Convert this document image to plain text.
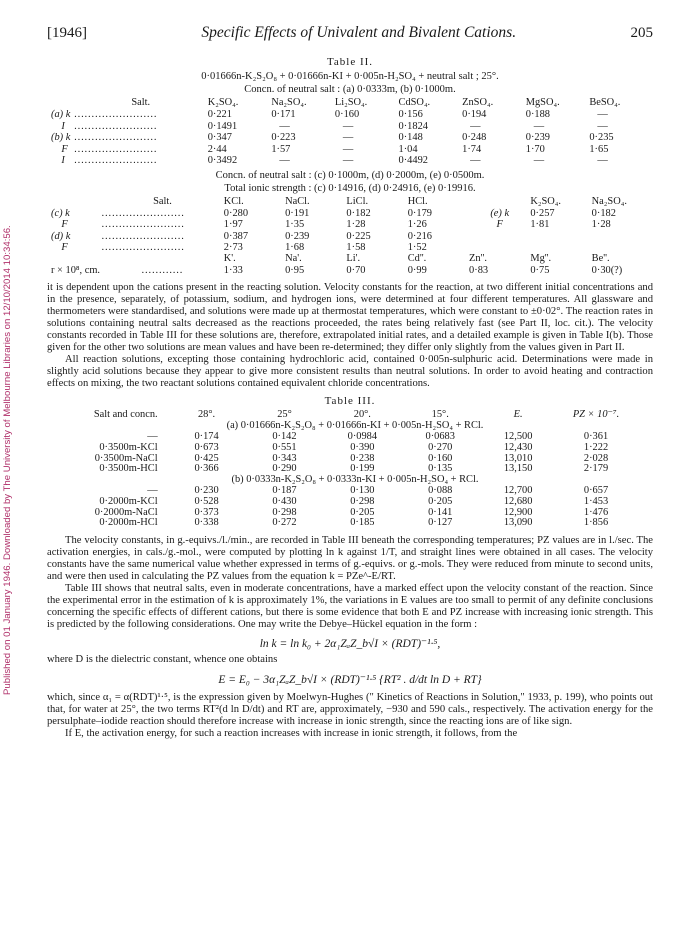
Published on 01 January 1946. Downloaded by The University of Melbourne Libraries on 12/10/2014 10:34:56.
[1946]	Specific Effects of Univalent and Bivalent Cations.	205
Table II.
0·01666n-K₂S₂O₈ + 0·01666n-KI + 0·005n-H₂SO₄ + neutral salt ; 25°.
Concn. of neutral salt : (a) 0·0333m, (b) 0·1000m.
	Salt.	K₂SO₄.	Na₂SO₄.	Li₂SO₄.	CdSO₄.	ZnSO₄.	MgSO₄.	BeSO₄.
(a) k	……………………	0·221	0·171	0·160	0·156	0·194	0·188	—
I	……………………	0·1491	—	—	0·1824	—	—	—
(b) k	……………………	0·347	0·223	—	0·148	0·248	0·239	0·235
F	……………………	2·44	1·57	—	1·04	1·74	1·70	1·65
I	……………………	0·3492	—	—	0·4492	—	—	—
Concn. of neutral salt : (c) 0·1000m, (d) 0·2000m, (e) 0·0500m.
Total ionic strength : (c) 0·14916, (d) 0·24916, (e) 0·19916.
	Salt.	KCl.	NaCl.	LiCl.	HCl.		K₂SO₄.	Na₂SO₄.
(c) k	……………………	0·280	0·191	0·182	0·179	(e) k	0·257	0·182
F	……………………	1·97	1·35	1·28	1·26	F	1·81	1·28
(d) k	……………………	0·387	0·239	0·225	0·216			
F	……………………	2·73	1·68	1·58	1·52			
		K'.	Na'.	Li'.	Cd''.	Zn''.	Mg''.	Be''.
r × 10⁸, cm.	…………	1·33	0·95	0·70	0·99	0·83	0·75	0·30(?)

it is dependent upon the cations present in the reacting solution. Velocity constants for the reaction, at two different initial concentrations and in the presence, separately, of potassium, sodium, and hydrogen ions, were determined at four different temperatures. All glassware and thermometers were standardised, and solutions were made up at thermostat temperatures, which were constant to ±0·02°. The reaction rates in solutions containing neutral salts decreased as the reactions proceeded, the rates being relatively fast (see Part II, loc. cit.). The velocity constants recorded in Table III for these solutions are, therefore, extrapolated initial rates, and a detailed example is given in Table I(b). Those given for the other two solutions are mean values and have been re-determined; they differ only slightly from the values given in Part II.

All reaction solutions, excepting those containing hydrochloric acid, contained 0·005n-sulphuric acid. Determinations were made in slightly acid solutions because they appear to give more consistent results than neutral solutions. In order to avoid heating and contraction effects on mixing, the two reactant solutions contained equivalent chloride concentrations.

Table III.
Salt and concn.	28°.	25°	20°.	15°.	E.	PZ × 10⁻⁷.
(a) 0·01666n-K₂S₂O₈ + 0·01666n-KI + 0·005n-H₂SO₄ + RCl.						
—	0·174	0·142	0·0984	0·0683	12,500	0·361
0·3500m-KCl	0·673	0·551	0·390	0·270	12,430	1·222
0·3500m-NaCl	0·425	0·343	0·238	0·160	13,010	2·028
0·3500m-HCl	0·366	0·290	0·199	0·135	13,150	2·179
(b) 0·0333n-K₂S₂O₈ + 0·0333n-KI + 0·005n-H₂SO₄ + RCl.						
—	0·230	0·187	0·130	0·088	12,700	0·657
0·2000m-KCl	0·528	0·430	0·298	0·205	12,680	1·453
0·2000m-NaCl	0·373	0·298	0·205	0·141	12,900	1·476
0·2000m-HCl	0·338	0·272	0·185	0·127	13,090	1·856

The velocity constants, in g.-equivs./l./min., are recorded in Table III beneath the corresponding temperatures; PZ values are in l./sec. The activation energies, in cals./g.-mol., were computed by plotting ln k against 1/T, and straight lines were obtained in all cases. The velocity constants have the same numerical value whether expressed in terms of g.-equivs. or g.-mols. They were reduced from minute to second units, and were then used in calculating the PZ values from the equation k = PZe^-E/RT.

Table III shows that neutral salts, even in moderate concentrations, have a marked effect upon the velocity constant of the reaction. Since the experimental error in the estimation of k is approximately 1%, the variations in E values are too small to permit of any definite conclusions concerning the specific effects of different cations, but there is some evidence that both E and PZ increase with increasing ionic strength. This is predicted by the following considerations. One may write the Debye–Hückel equation in the form :

ln k = ln k₀ + 2α₁ZₐZ_b√I × (RDT)⁻¹·⁵,

where D is the dielectric constant, whence one obtains

E = E₀ − 3α₁ZₐZ_b√I × (RDT)⁻¹·⁵ {RT² . d/dt ln D + RT}

which, since α₁ = α(RDT)¹·⁵, is the expression given by Moelwyn-Hughes (" Kinetics of Reactions in Solution," 1933, p. 199), who points out that, for water at 25°, the two terms RT²(d ln D/dt) and RT are, approximately, −930 and 590 cals., respectively. The activation energy for the persulphate–iodide reaction should therefore increase with increase in ionic strength, since the reacting ions are of like sign.

If E, the activation energy, for such a reaction increases with increase in ionic strength, it follows, from the
